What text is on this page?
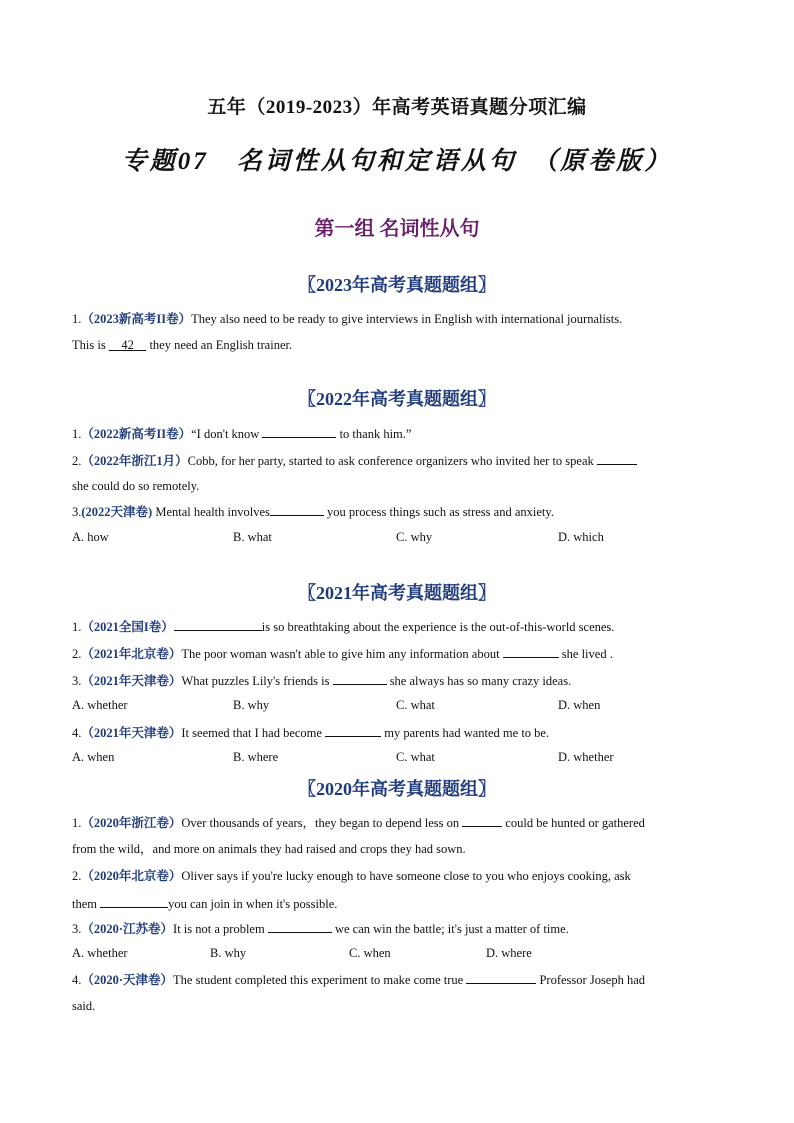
五年（2019-2023）年高考英语真题分项汇编
专题07　名词性从句和定语从句　（原卷版）
第一组 名词性从句
〖2023年高考真题题组〗
1.（2023新高考II卷）They also need to be ready to give interviews in English with international journalists.
This is     42     they need an English trainer.
〖2022年高考真题题组〗
1.（2022新高考II卷）“I don't know	to thank him.”
2.（2022年浙江1月）Cobb, for her party, started to ask conference organizers who invited her to speak
she could do so remotely.
3.(2022天津卷) Mental health involves	you process things such as stress and anxiety.
A. how	B. what	C. why	D. which
〖2021年高考真题题组〗
1.（2021全国I卷）	is so breathtaking about the experience is the out-of-this-world scenes.
2.（2021年北京卷）The poor woman wasn't able to give him any information about	she lived .
3.（2021年天津卷）What puzzles Lily's friends is	she always has so many crazy ideas.
A. whether	B. why	C. what	D. when
4.（2021年天津卷）It seemed that I had become	my parents had wanted me to be.
A. when	B. where	C. what	D. whether
〖2020年高考真题题组〗
1.（2020年浙江卷）Over thousands of years，they began to depend less on	could be hunted or gathered
from the wild，and more on animals they had raised and crops they had sown.
2.（2020年北京卷）Oliver says if you're lucky enough to have someone close to you who enjoys cooking, ask
them	you can join in when it's possible.
3.（2020·江苏卷）It is not a problem	we can win the battle; it's just a matter of time.
A. whether	B. why	C. when	D. where
4.（2020·天津卷）The student completed this experiment to make come true	Professor Joseph had
said.
